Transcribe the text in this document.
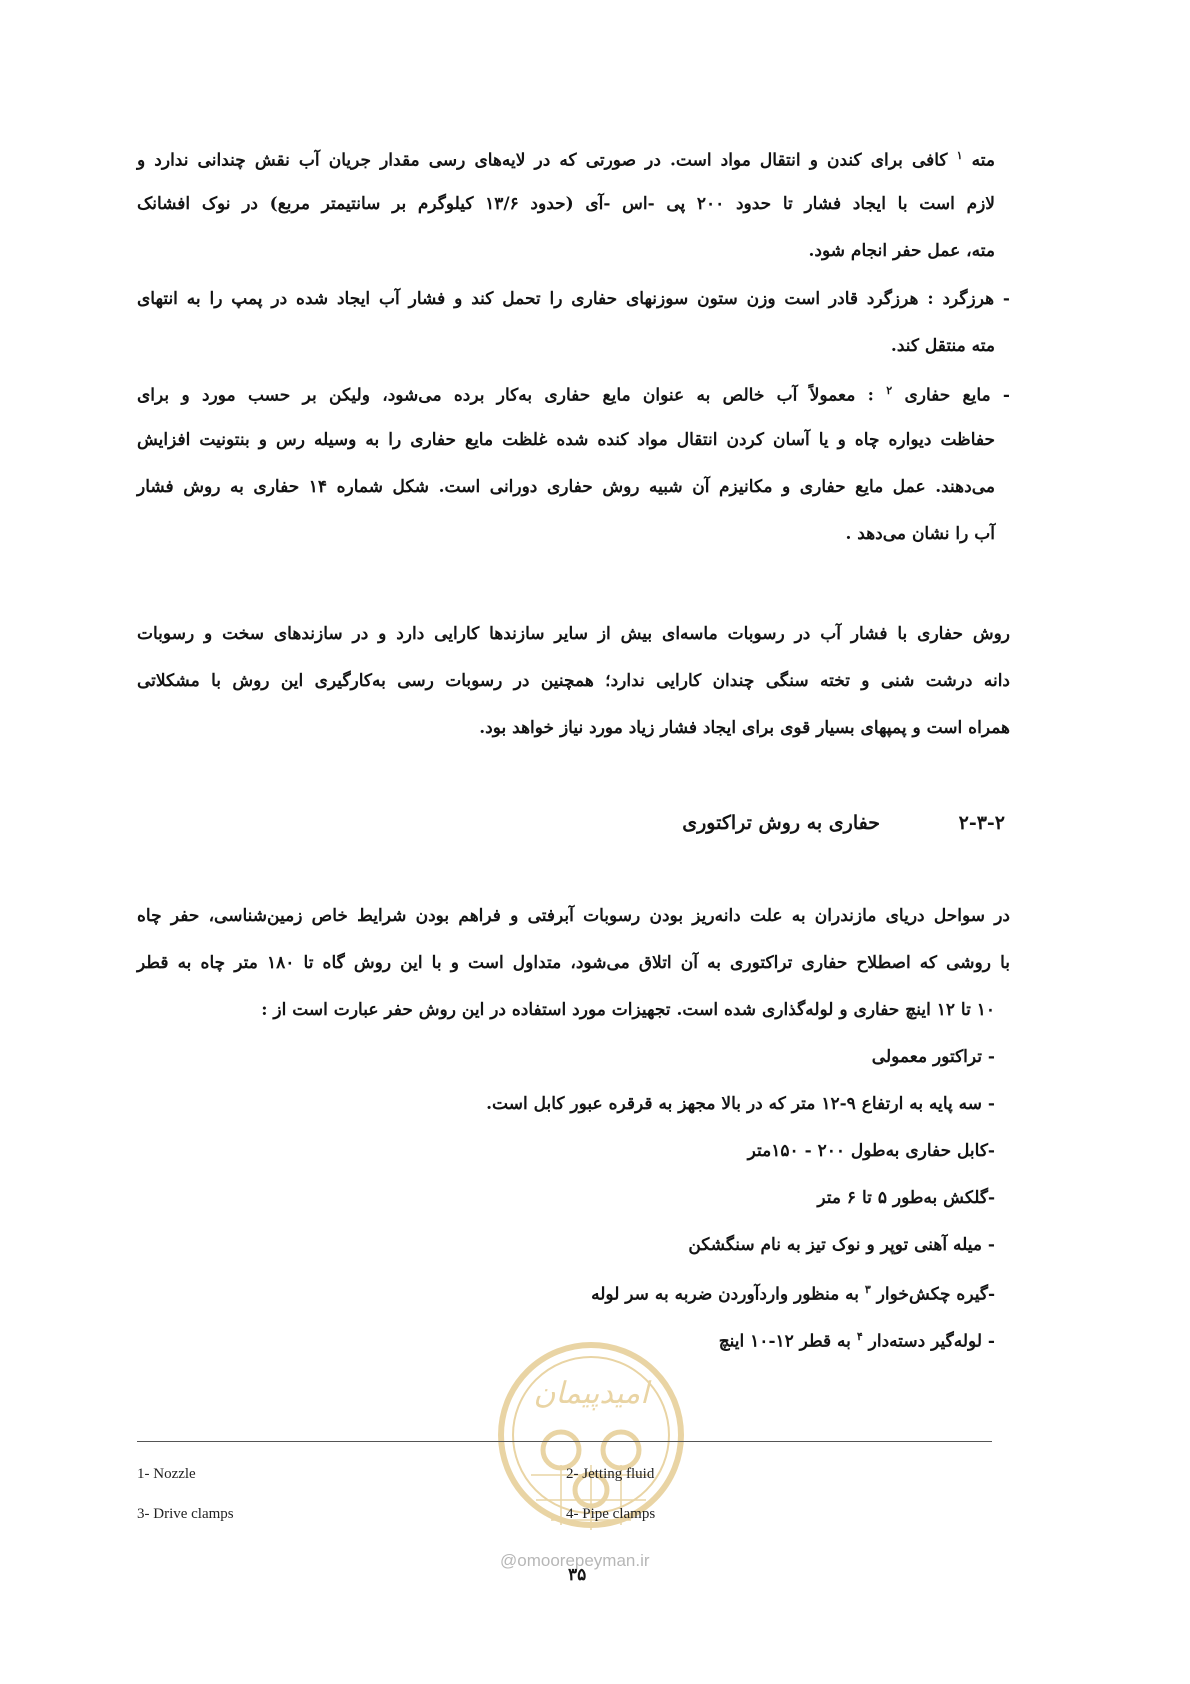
مته $^۱$ کافی برای کندن و انتقال مواد است. در صورتی که در لایه‌های رسی مقدار جریان آب نقش چندانی ندارد و
لازم است با ایجاد فشار تا حدود ۲۰۰ پی -اس -آی (حدود ۱۳/۶ کیلوگرم بر سانتیمتر مربع) در نوک افشانک
مته، عمل حفر انجام شود.
- هرزگرد : هرزگرد قادر است وزن ستون سوزنهای حفاری را تحمل کند و فشار آب ایجاد شده در پمپ را به انتهای
مته منتقل کند.
- مایع حفاری $^۲$ : معمولاً آب خالص به عنوان مایع حفاری به‌کار برده می‌شود، ولیکن بر حسب مورد و برای
حفاظت دیواره چاه و یا آسان کردن انتقال مواد کنده شده غلظت مایع حفاری را به وسیله رس و بنتونیت افزایش
می‌دهند. عمل مایع حفاری و مکانیزم آن شبیه روش حفاری دورانی است. شکل شماره ۱۴ حفاری به روش فشار
آب را نشان می‌دهد .
روش حفاری با فشار آب در رسوبات ماسه‌ای بیش از سایر سازندها کارایی دارد و در سازندهای سخت و رسوبات
دانه درشت شنی و تخته سنگی چندان کارایی ندارد؛ همچنین در رسوبات رسی به‌کارگیری این روش با مشکلاتی
همراه است و پمپهای بسیار قوی برای ایجاد فشار زیاد مورد نیاز خواهد بود.
۲-۳-۲
حفاری به روش تراکتوری
در سواحل دریای مازندران به علت دانه‌ریز بودن رسوبات آبرفتی و فراهم بودن شرایط خاص زمین‌شناسی، حفر چاه
با روشی که اصطلاح حفاری تراکتوری به آن اتلاق می‌شود، متداول است و با این روش گاه تا ۱۸۰ متر چاه به قطر
۱۰ تا ۱۲ اینچ حفاری و لوله‌گذاری شده است. تجهیزات مورد استفاده در این روش حفر عبارت است از :
- تراکتور معمولی
- سه پایه به ارتفاع ۹-۱۲ متر که در بالا مجهز به قرقره عبور کابل است.
-کابل حفاری به‌طول ۲۰۰ - ۱۵۰متر
-گلکش به‌طور ۵ تا ۶ متر
- میله آهنی توپر و نوک تیز به نام سنگشکن
-گیره چکش‌خوار $^۳$ به منظور واردآوردن ضربه به سر لوله
- لوله‌گیر دسته‌دار $^۴$ به قطر ۱۲-۱۰ اینچ
امیدپیمان
1- Nozzle	2- Jetting fluid
3- Drive clamps	4- Pipe clamps
@omoorepeyman.ir
۳۵
